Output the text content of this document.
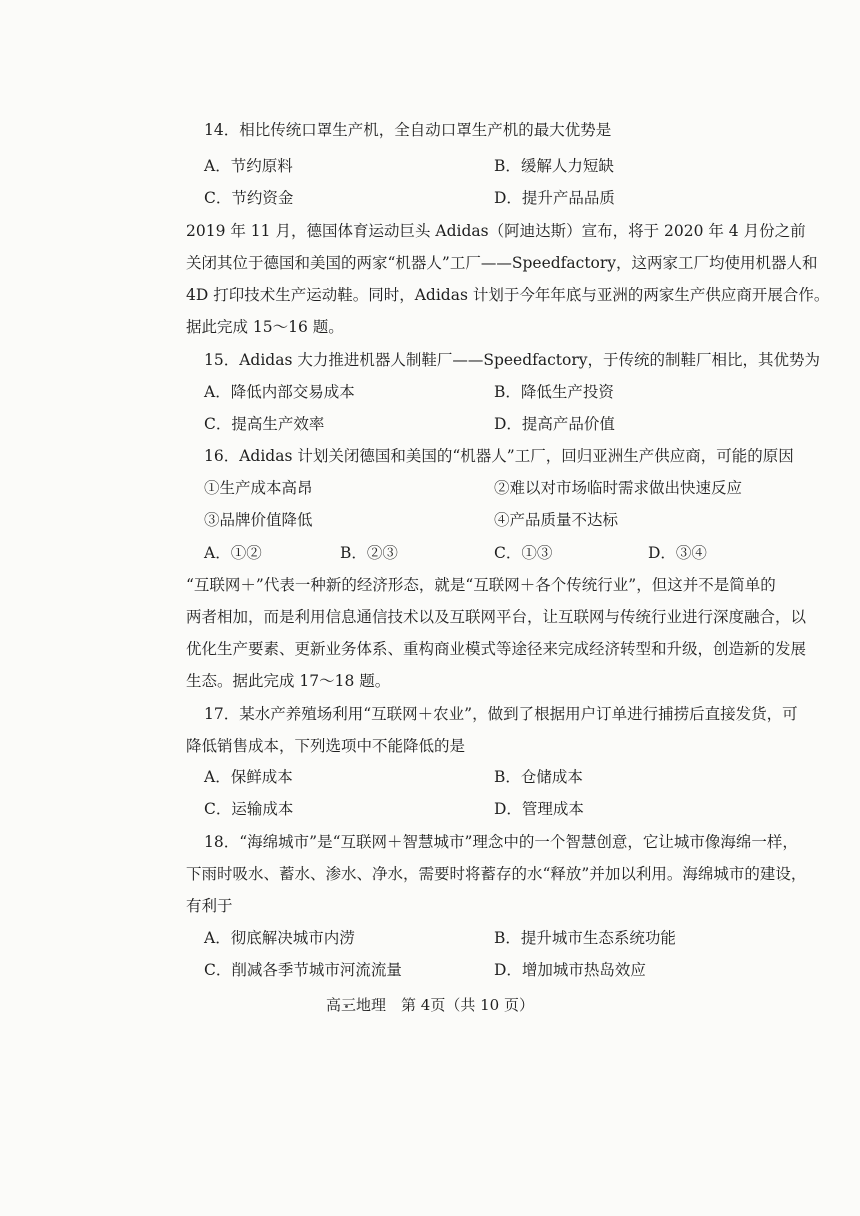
14．相比传统口罩生产机，全自动口罩生产机的最大优势是
A．节约原料	B．缓解人力短缺
C．节约资金	D．提升产品品质
2019 年 11 月，德国体育运动巨头 Adidas（阿迪达斯）宣布，将于 2020 年 4 月份之前
关闭其位于德国和美国的两家“机器人”工厂——Speedfactory，这两家工厂均使用机器人和
4D 打印技术生产运动鞋。同时，Adidas 计划于今年年底与亚洲的两家生产供应商开展合作。
据此完成 15～16 题。
15．Adidas 大力推进机器人制鞋厂——Speedfactory，于传统的制鞋厂相比，其优势为
A．降低内部交易成本	B．降低生产投资
C．提高生产效率	D．提高产品价值
16．Adidas 计划关闭德国和美国的“机器人”工厂，回归亚洲生产供应商，可能的原因
①生产成本高昂	②难以对市场临时需求做出快速反应
③品牌价值降低	④产品质量不达标
A．①②	B．②③	C．①③	D．③④
“互联网＋”代表一种新的经济形态，就是“互联网＋各个传统行业”，但这并不是简单的
两者相加，而是利用信息通信技术以及互联网平台，让互联网与传统行业进行深度融合，以
优化生产要素、更新业务体系、重构商业模式等途径来完成经济转型和升级，创造新的发展
生态。据此完成 17～18 题。
17．某水产养殖场利用“互联网＋农业”，做到了根据用户订单进行捕捞后直接发货，可
降低销售成本，下列选项中不能降低的是
A．保鲜成本	B．仓储成本
C．运输成本	D．管理成本
18．“海绵城市”是“互联网＋智慧城市”理念中的一个智慧创意，它让城市像海绵一样，
下雨时吸水、蓄水、渗水、净水，需要时将蓄存的水“释放”并加以利用。海绵城市的建设，
有利于
A．彻底解决城市内涝	B．提升城市生态系统功能
C．削减各季节城市河流流量	D．增加城市热岛效应
高三地理　第 4页（共 10 页）
